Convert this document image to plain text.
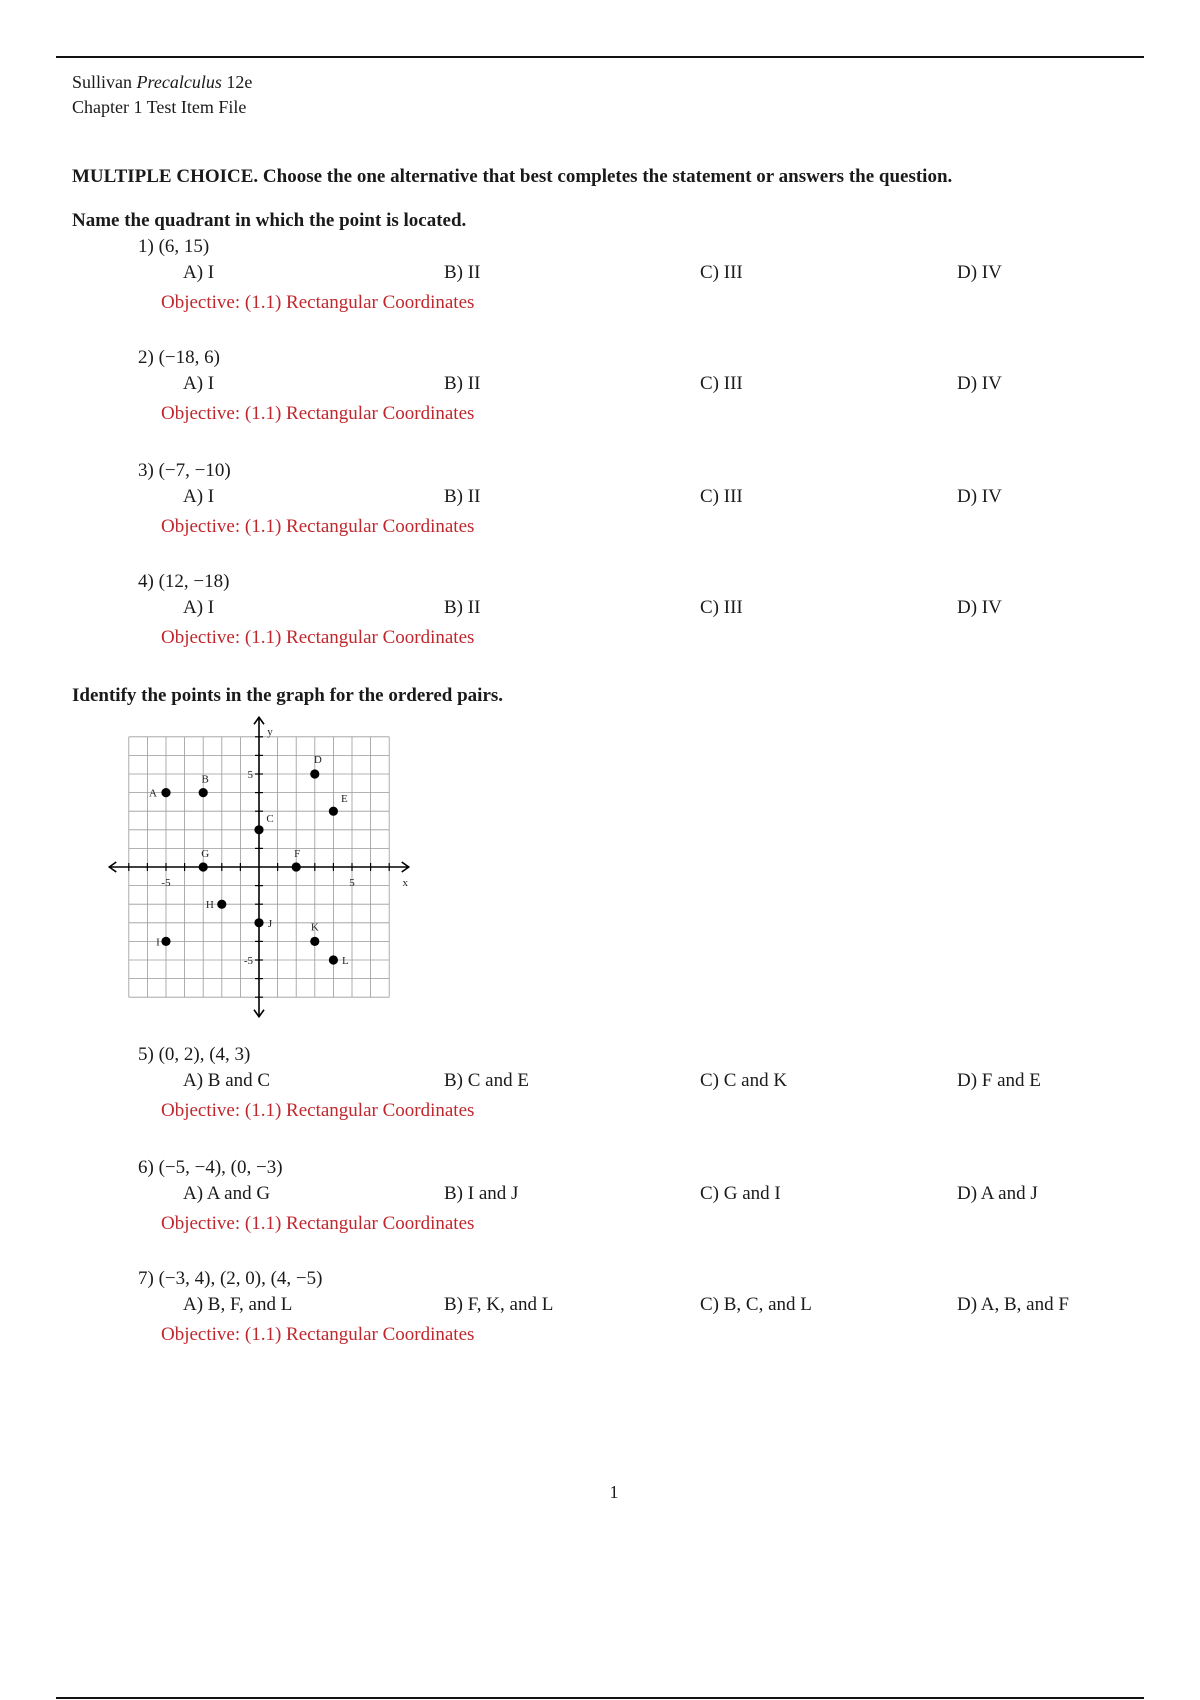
Sullivan Precalculus 12e
Chapter 1 Test Item File
MULTIPLE CHOICE. Choose the one alternative that best completes the statement or answers the question.
Name the quadrant in which the point is located.
1) (6, 15)
A) I	B) II	C) III	D) IV
Objective: (1.1) Rectangular Coordinates
2) (−18, 6)
A) I	B) II	C) III	D) IV
Objective: (1.1) Rectangular Coordinates
3) (−7, −10)
A) I	B) II	C) III	D) IV
Objective: (1.1) Rectangular Coordinates
4) (12, −18)
A) I	B) II	C) III	D) IV
Objective: (1.1) Rectangular Coordinates
Identify the points in the graph for the ordered pairs.
-5	5
5
-5
x
y
A
B
C
D
E
F
G
H
I
J	K
L
5) (0, 2), (4, 3)
A) B and C	B) C and E	C) C and K	D) F and E
Objective: (1.1) Rectangular Coordinates
6) (−5, −4), (0, −3)
A) A and G	B) I and J	C) G and I	D) A and J
Objective: (1.1) Rectangular Coordinates
7) (−3, 4), (2, 0), (4, −5)
A) B, F, and L	B) F, K, and L	C) B, C, and L	D) A, B, and F
Objective: (1.1) Rectangular Coordinates
1
